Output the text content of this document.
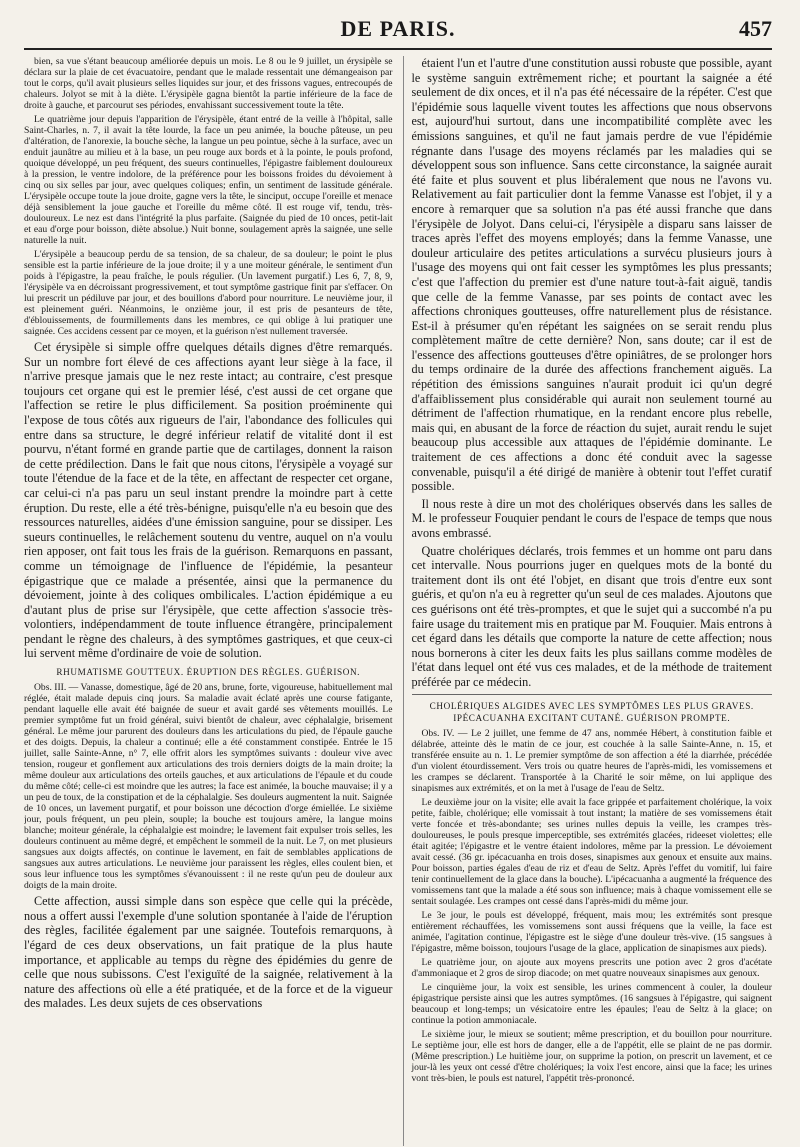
DE PARIS.	457

bien, sa vue s'étant beaucoup améliorée depuis un mois. Le 8 ou le 9 juillet, un érysipèle se déclara sur la plaie de cet évacuatoire, pendant que le malade ressentait une démangeaison par tout le corps, qu'il avait plusieurs selles liquides sur jour, et des frissons vagues, entrecoupés de chaleurs. Jolyot se mit à la diète. L'érysipèle gagna bientôt la partie inférieure de la face de droite à gauche, et parcourut ses périodes, envahissant successivement toute la tête.

Le quatrième jour depuis l'apparition de l'érysipèle, étant entré de la veille à l'hôpital, salle Saint-Charles, n. 7, il avait la tête lourde, la face un peu animée, la bouche pâteuse, un peu d'altération, de l'anorexie, la bouche sèche, la langue un peu pointue, sèche à la surface, avec un enduit jaunâtre au milieu et à la base, un peu rouge aux bords et à la pointe, le pouls profond, quoique développé, un peu fréquent, des sueurs continuelles, l'épigastre faiblement douloureux à la pression, le ventre indolore, de la préférence pour les boissons froides du dévoiement à cinq ou six selles par jour, avec quelques coliques; enfin, un sentiment de lassitude générale. L'érysipèle occupe toute la joue droite, gagne vers la tête, le sinciput, occupe l'oreille et menace déjà sensiblement la joue gauche et l'oreille du même côté. Il est rouge vif, tendu, très-douloureux. Le nez est dans l'intégrité la plus parfaite. (Saignée du pied de 10 onces, petit-lait et eau d'orge pour boisson, diète absolue.) Nuit bonne, soulagement après la saignée, une selle naturelle la nuit.

L'érysipèle a beaucoup perdu de sa tension, de sa chaleur, de sa douleur; le point le plus sensible est la partie inférieure de la joue droite; il y a une moiteur générale, le sentiment d'un poids à l'épigastre, la peau fraîche, le pouls régulier. (Un lavement purgatif.) Les 6, 7, 8, 9, l'érysipèle va en décroissant progressivement, et tout symptôme gastrique finit par s'effacer. On lui prescrit un pédiluve par jour, et des bouillons d'abord pour nourriture. Le neuvième jour, il est pleinement guéri. Néanmoins, le onzième jour, il est pris de pesanteurs de tête, d'éblouissements, de fourmillements dans les membres, ce qui oblige à lui pratiquer une saignée. Ces accidens cessent par ce moyen, et la guérison n'est nullement traversée.

Cet érysipèle si simple offre quelques détails dignes d'être remarqués. Sur un nombre fort élevé de ces affections ayant leur siège à la face, il n'arrive presque jamais que le nez reste intact; au contraire, c'est presque toujours cet organe qui est le premier lésé, c'est aussi de cet organe que l'affection se retire le plus difficilement. Sa position proéminente qui l'expose de tous côtés aux rigueurs de l'air, l'abondance des follicules qui entre dans sa structure, le degré inférieur relatif de vitalité dont il est pourvu, n'étant formé en grande partie que de cartilages, donnent la raison de cette prédilection. Dans le fait que nous citons, l'érysipèle a voyagé sur toute l'étendue de la face et de la tête, en affectant de respecter cet organe, car celui-ci n'a pas paru un seul instant prendre la moindre part à cette éruption. Du reste, elle a été très-bénigne, puisqu'elle n'a eu besoin que des ressources naturelles, aidées d'une émission sanguine, pour se dissiper. Les sueurs continuelles, le relâchement soutenu du ventre, auquel on n'a voulu rien apposer, ont fait tous les frais de la guérison. Remarquons en passant, comme un témoignage de l'influence de l'épidémie, la pesanteur épigastrique que ce malade a présentée, ainsi que la permanence du dévoiement, jointe à des coliques ombilicales. L'action épidémique a eu d'autant plus de prise sur l'érysipèle, que cette affection s'associe très-volontiers, indépendamment de toute influence étrangère, principalement pendant le règne des chaleurs, à des symptômes gastriques, et que ceux-ci lui servent même d'ordinaire de voie de solution.

RHUMATISME GOUTTEUX. ÉRUPTION DES RÈGLES. GUÉRISON.

Obs. III. — Vanasse, domestique, âgé de 20 ans, brune, forte, vigoureuse, habituellement mal réglée, était malade depuis cinq jours. Sa maladie avait éclaté après une course fatigante, pendant laquelle elle avait été baignée de sueur et avait gardé ses vêtements mouillés. Le premier symptôme fut un froid général, suivi bientôt de chaleur, avec céphalalgie, brisement général. Le même jour parurent des douleurs dans les articulations du pied, de l'épaule gauche et des doigts. Depuis, la chaleur a continué; elle a été constamment constipée. Entrée le 15 juillet, salle Sainte-Anne, n° 7, elle offrit alors les symptômes suivants : douleur vive avec tension, rougeur et gonflement aux articulations des trois derniers doigts de la main droite; la même douleur aux articulations des orteils gauches, et aux articulations de l'épaule et du coude du même côté; celle-ci est moindre que les autres; la face est animée, la bouche mauvaise; il y a un peu de toux, de la constipation et de la céphalalgie. Ses douleurs augmentent la nuit. Saignée de 10 onces, un lavement purgatif, et pour boisson une décoction d'orge émiellée. Le sixième jour, pouls fréquent, un peu plein, souple; la bouche est toujours amère, la langue moins blanche; moiteur générale, la céphalalgie est moindre; le lavement fait expulser trois selles, les douleurs continuent au même degré, et empêchent le sommeil de la nuit. Le 7, on met plusieurs sangsues aux doigts affectés, on continue le lavement, en fait de semblables applications de sangsues aux autres articulations. Le neuvième jour paraissent les règles, elles coulent bien, et sous leur influence tous les symptômes s'évanouissent : il ne reste qu'un peu de douleur aux doigts de la main droite.

Cette affection, aussi simple dans son espèce que celle qui la précède, nous a offert aussi l'exemple d'une solution spontanée à l'aide de l'éruption des règles, facilitée également par une saignée. Toutefois remarquons, à l'égard de ces deux observations, un fait pratique de la plus haute importance, et applicable au temps du règne des épidémies du genre de celle que nous subissons. C'est l'exiguïté de la saignée, relativement à la nature des affections où elle a été pratiquée, et de la force et de la vigueur des malades. Les deux sujets de ces observations

étaient l'un et l'autre d'une constitution aussi robuste que possible, ayant le système sanguin extrêmement riche; et pourtant la saignée a été seulement de dix onces, et il n'a pas été nécessaire de la répéter. C'est que l'épidémie sous laquelle vivent toutes les affections que nous observons est, aujourd'hui surtout, dans une incompatibilité complète avec les émissions sanguines, et qu'il ne faut jamais perdre de vue l'épidémie régnante dans l'usage des moyens réclamés par les maladies qui se développent sous son influence. Sans cette circonstance, la saignée aurait été faite et plus souvent et plus libéralement que nous ne l'avons vu. Relativement au fait particulier dont la femme Vanasse est l'objet, il y a encore à remarquer que sa solution n'a pas été aussi franche que dans l'érysipèle de Jolyot. Dans celui-ci, l'érysipèle a disparu sans laisser de traces après l'effet des moyens employés; dans la femme Vanasse, une douleur articulaire des petites articulations a survécu plusieurs jours à l'usage des moyens qui ont fait cesser les symptômes les plus pressants; c'est que l'affection du premier est d'une nature tout-à-fait aiguë, tandis que celle de la femme Vanasse, par ses points de contact avec les affections chroniques goutteuses, offre naturellement plus de résistance. Est-il à présumer qu'en répétant les saignées on se serait rendu plus complètement maître de cette dernière? Non, sans doute; car il est de l'essence des affections goutteuses d'être opiniâtres, de se prolonger hors du temps ordinaire de la durée des affections franchement aiguës. La répétition des émissions sanguines n'aurait produit ici qu'un degré d'affaiblissement plus considérable qui aurait non seulement tourné au détriment de l'affection rhumatique, en la rendant encore plus rebelle, mais qui, en abusant de la force de réaction du sujet, aurait rendu le sujet beaucoup plus accessible aux attaques de l'épidémie dominante. Le traitement de ces affections a donc été conduit avec la sagesse convenable, puisqu'il a été dirigé de manière à obtenir tout l'effet curatif possible.

Il nous reste à dire un mot des cholériques observés dans les salles de M. le professeur Fouquier pendant le cours de l'espace de temps que nous avons embrassé.

Quatre cholériques déclarés, trois femmes et un homme ont paru dans cet intervalle. Nous pourrions juger en quelques mots de la bonté du traitement dont ils ont été l'objet, en disant que trois d'entre eux sont guéris, et qu'on n'a eu à regretter qu'un seul de ces malades. Ajoutons que ces guérisons ont été très-promptes, et que le sujet qui a succombé n'a pu faire usage du traitement mis en pratique par M. Fouquier. Mais entrons à cet égard dans les détails que comporte la nature de cette affection; nous nous bornerons à citer les deux faits les plus saillans comme modèles de l'état dans lequel ont été vus ces malades, et de la méthode de traitement préférée par ce médecin.

CHOLÉRIQUES ALGIDES AVEC LES SYMPTÔMES LES PLUS GRAVES. IPÉCACUANHA EXCITANT CUTANÉ. GUÉRISON PROMPTE.

Obs. IV. — Le 2 juillet, une femme de 47 ans, nommée Hébert, à constitution faible et délabrée, atteinte dès le matin de ce jour, est couchée à la salle Sainte-Anne, n. 15, et transférée ensuite au n. 1. Le premier symptôme de son affection a été la diarrhée, précédée d'un violent étourdissement. Vers trois ou quatre heures de l'après-midi, les vomissemens et les crampes se déclarent. Transportée à la Charité le soir même, on lui applique des sinapismes aux extrémités, et on la met à l'usage de l'eau de Seltz.

Le deuxième jour on la visite; elle avait la face grippée et parfaitement cholérique, la voix petite, faible, cholérique; elle vomissait à tout instant; la matière de ses vomissemens était verte foncée et très-abondante; ses urines nulles depuis la veille, les crampes très-douloureuses, le pouls presque imperceptible, ses extrémités glacées, rideeset violettes; elle était agitée; l'épigastre et le ventre étaient indolores, même par la pression. Le dévoiement avait cessé. (36 gr. ipécacuanha en trois doses, sinapismes aux genoux et ensuite aux mains. Pour boisson, parties égales d'eau de riz et d'eau de Seltz. Après l'effet du vomitif, lui faire tenir continuellement de la glace dans la bouche). L'ipécacuanha a augmenté la fréquence des vomissemens tant que la malade a été sous son influence; mais à chaque vomissement elle se sentait soulagée. Les crampes ont cessé dans l'après-midi du même jour.

Le 3e jour, le pouls est développé, fréquent, mais mou; les extrémités sont presque entièrement réchauffées, les vomissemens sont aussi fréquens que la veille, la face est animée, l'agitation continue, l'épigastre est le siège d'une douleur très-vive. (15 sangsues à l'épigastre, même boisson, toujours l'usage de la glace, application de sinapismes aux pieds).

Le quatrième jour, on ajoute aux moyens prescrits une potion avec 2 gros d'acétate d'ammoniaque et 2 gros de sirop diacode; on met quatre nouveaux sinapismes aux genoux.

Le cinquième jour, la voix est sensible, les urines commencent à couler, la douleur épigastrique persiste ainsi que les autres symptômes. (16 sangsues à l'épigastre, qui saignent beaucoup et long-temps; un vésicatoire entre les épaules; l'eau de Seltz à la glace; on continue la potion ammoniacale.

Le sixième jour, le mieux se soutient; même prescription, et du bouillon pour nourriture. Le septième jour, elle est hors de danger, elle a de l'appétit, elle se plaint de ne pas dormir. (Même prescription.) Le huitième jour, on supprime la potion, on prescrit un lavement, et ce jour-là les yeux ont cessé d'être cholériques; la voix l'est encore, ainsi que la face; les urines vont très-bien, le pouls est naturel, l'appétit très-prononcé.
